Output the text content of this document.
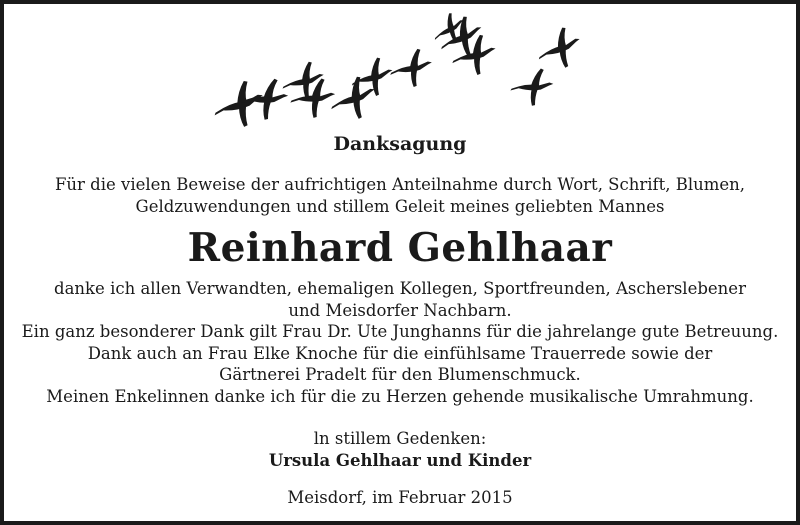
Danksagung
Für die vielen Beweise der aufrichtigen Anteilnahme durch Wort, Schrift, Blumen,
Geldzuwendungen und stillem Geleit meines geliebten Mannes
Reinhard Gehlhaar
danke ich allen Verwandten, ehemaligen Kollegen, Sportfreunden, Ascherslebener
und Meisdorfer Nachbarn.
Ein ganz besonderer Dank gilt Frau Dr. Ute Junghanns für die jahrelange gute Betreuung.
Dank auch an Frau Elke Knoche für die einfühlsame Trauerrede sowie der
Gärtnerei Pradelt für den Blumenschmuck.
Meinen Enkelinnen danke ich für die zu Herzen gehende musikalische Umrahmung.
ln stillem Gedenken:
Ursula Gehlhaar und Kinder
Meisdorf, im Februar 2015
